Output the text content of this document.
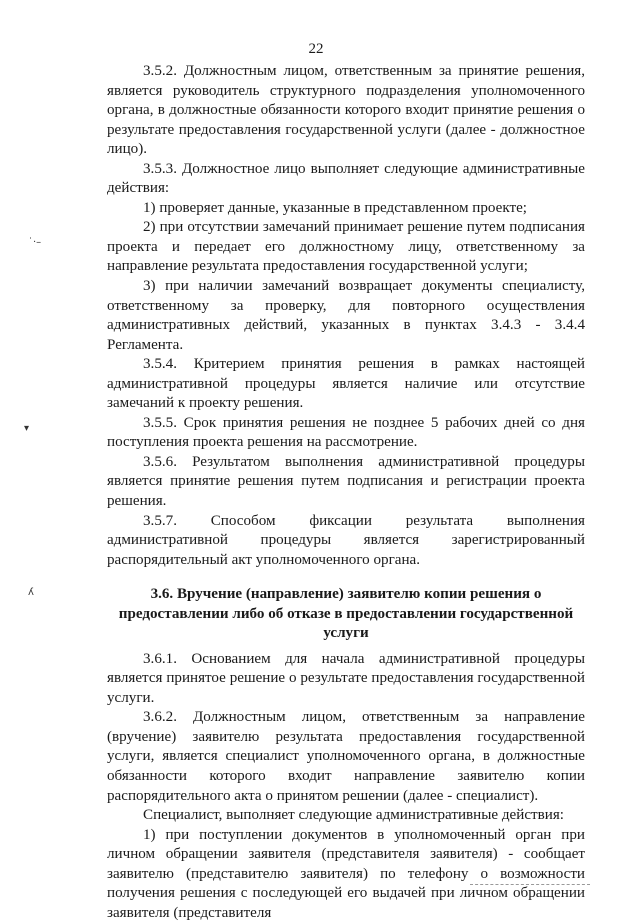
22

3.5.2. Должностным лицом, ответственным за принятие решения, является руководитель структурного подразделения уполномоченного органа, в должностные обязанности которого входит принятие решения о результате предоставления государственной услуги (далее - должностное лицо).

3.5.3. Должностное лицо выполняет следующие административные действия:

1) проверяет данные, указанные в представленном проекте;

2) при отсутствии замечаний принимает решение путем подписания проекта и передает его должностному лицу, ответственному за направление результата предоставления государственной услуги;

3) при наличии замечаний возвращает документы специалисту, ответственному за проверку, для повторного осуществления административных действий, указанных в пунктах 3.4.3 - 3.4.4 Регламента.

3.5.4. Критерием принятия решения в рамках настоящей административной процедуры является наличие или отсутствие замечаний к проекту решения.

3.5.5. Срок принятия решения не позднее 5 рабочих дней со дня поступления проекта решения на рассмотрение.

3.5.6. Результатом выполнения административной процедуры является принятие решения путем подписания и регистрации проекта решения.

3.5.7. Способом фиксации результата выполнения административной процедуры является зарегистрированный распорядительный акт уполномоченного органа.

3.6. Вручение (направление) заявителю копии решения о предоставлении либо об отказе в предоставлении государственной услуги

3.6.1. Основанием для начала административной процедуры является принятое решение о результате предоставления государственной услуги.

3.6.2. Должностным лицом, ответственным за направление (вручение) заявителю результата предоставления государственной услуги, является специалист уполномоченного органа, в должностные обязанности которого входит направление заявителю копии распорядительного акта о принятом решении (далее - специалист).

Специалист, выполняет следующие административные действия:

1) при поступлении документов в уполномоченный орган при личном обращении заявителя (представителя заявителя) - сообщает заявителю (представителю заявителя) по телефону о возможности получения решения с последующей его выдачей при личном обращении заявителя (представителя

˙·–
▾
ʎ
